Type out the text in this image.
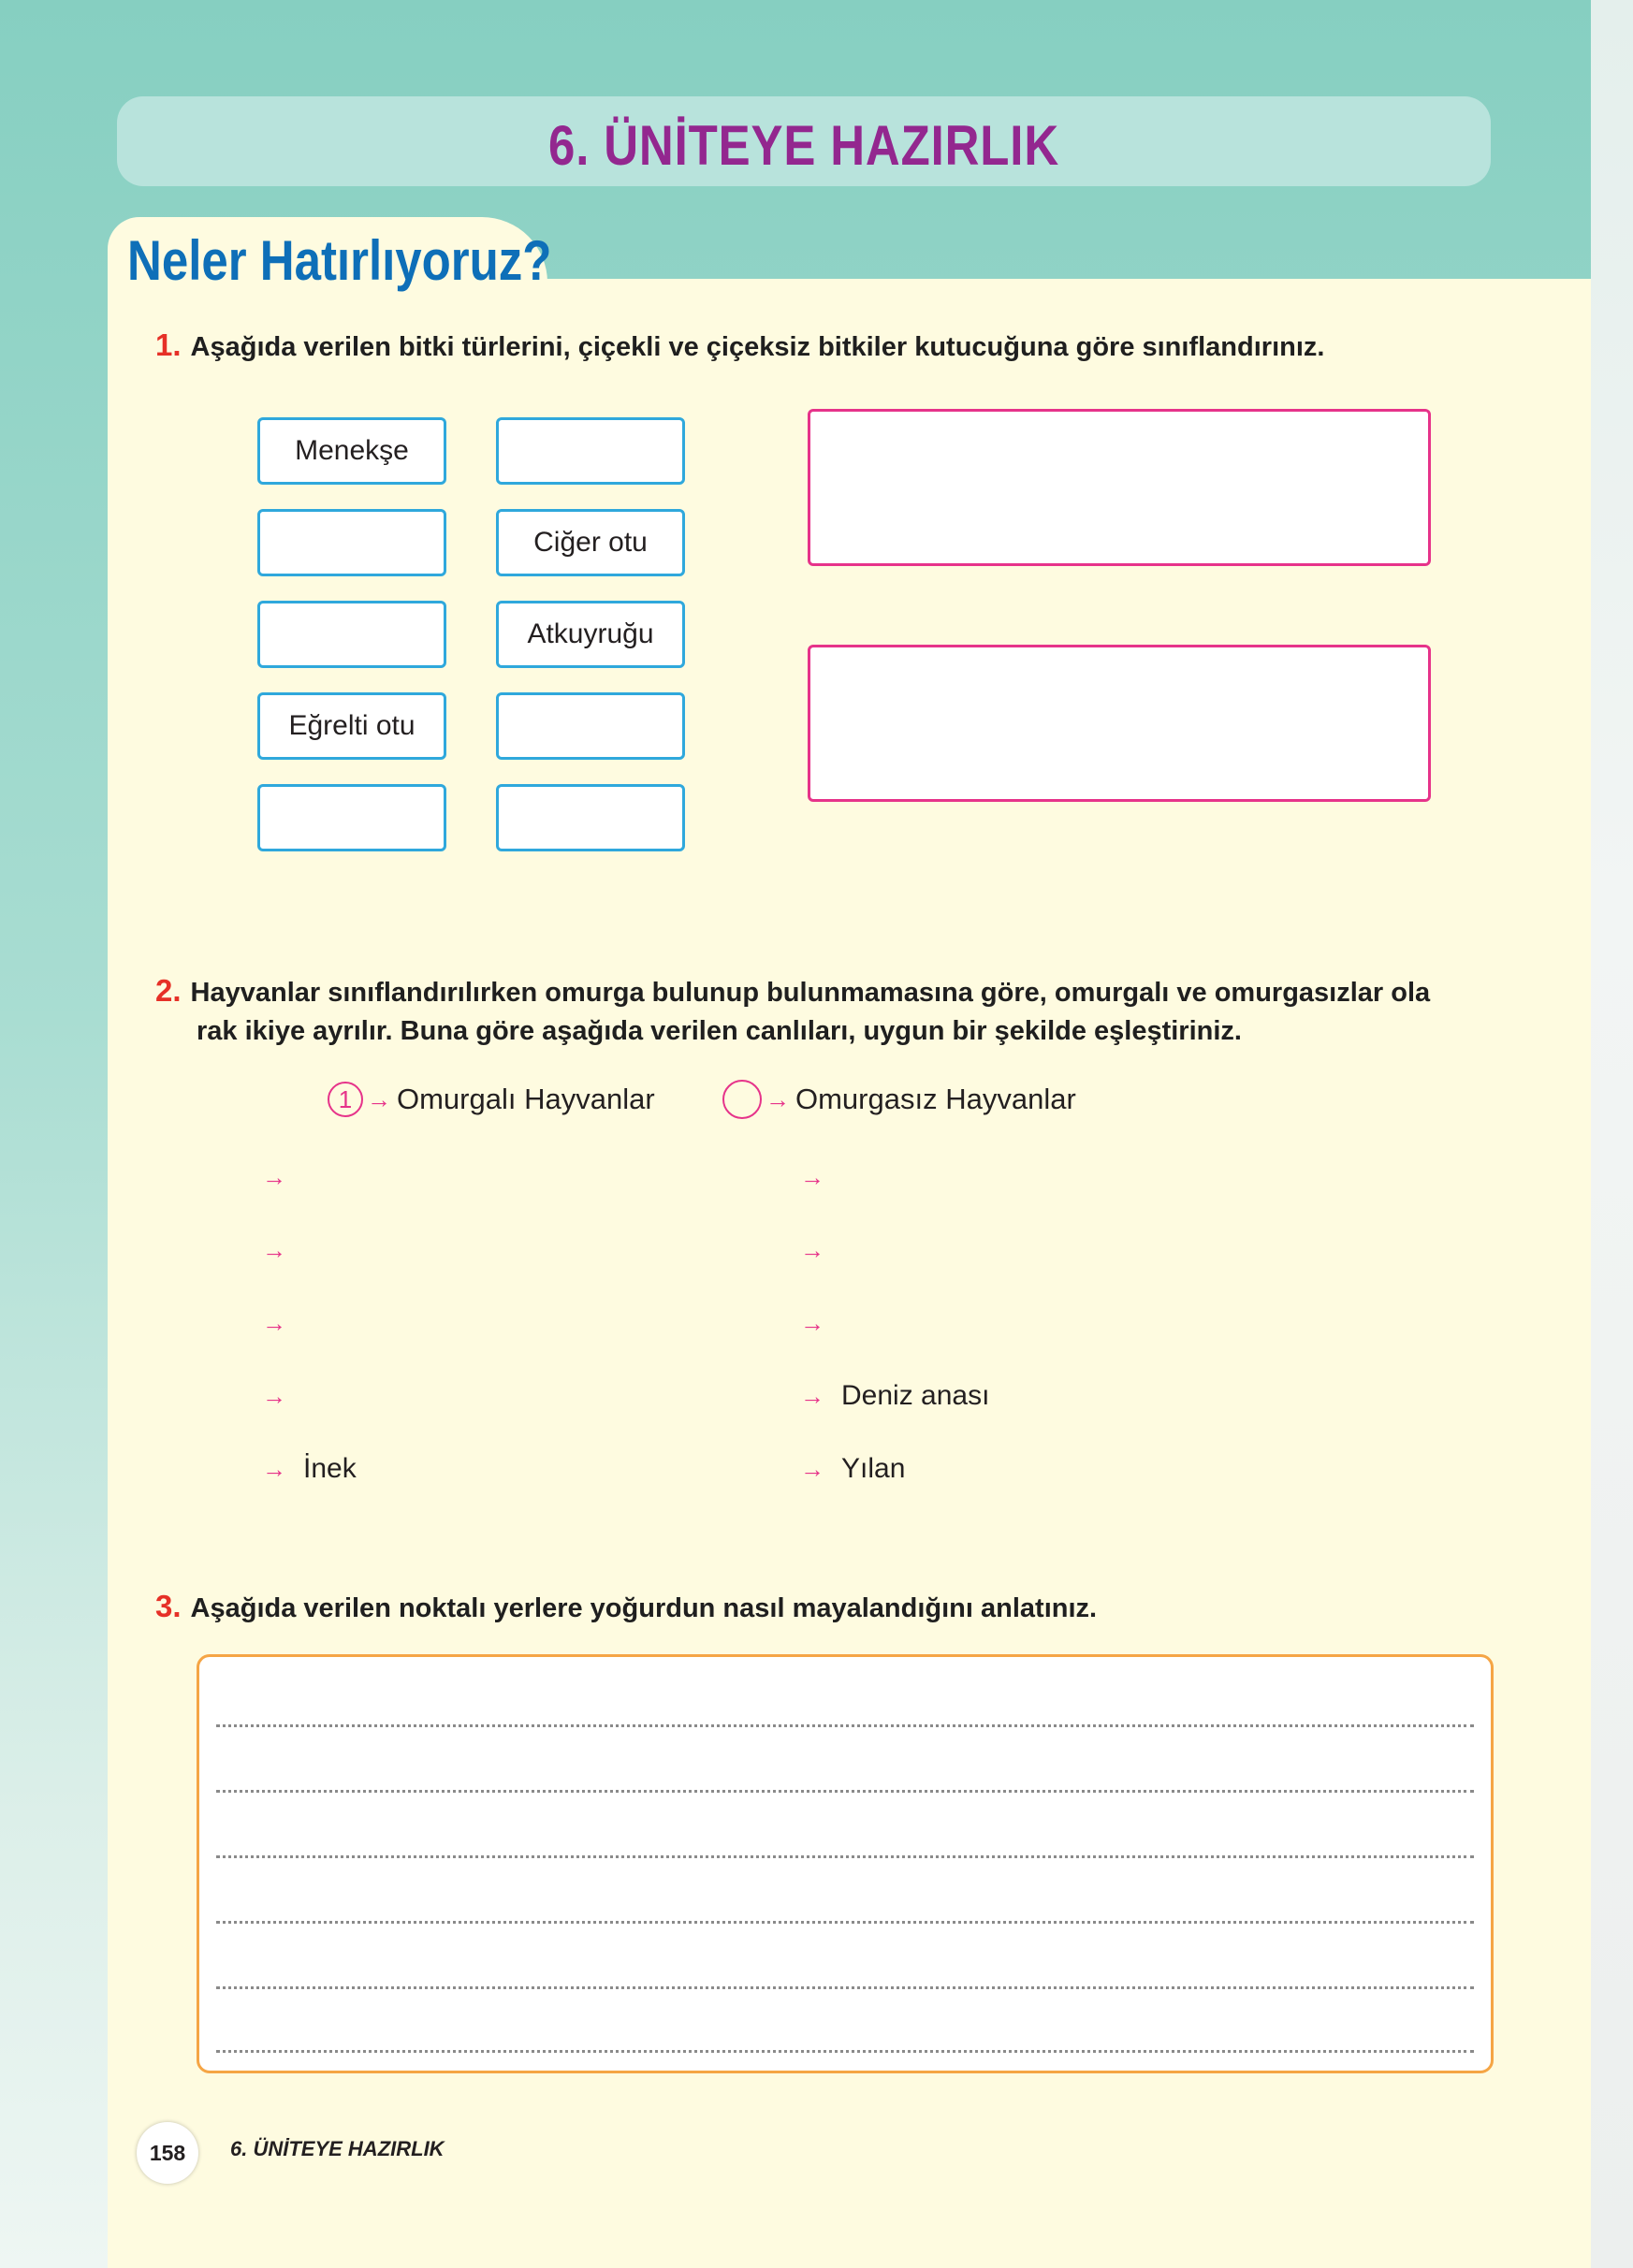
6. ÜNİTEYE HAZIRLIK
Neler Hatırlıyoruz?
1. Aşağıda verilen bitki türlerini, çiçekli ve çiçeksiz bitkiler kutucuğuna göre sınıflandırınız.
Menekşe
Eğrelti otu
Ciğer otu
Atkuyruğu
2. Hayvanlar sınıflandırılırken omurga bulunup bulunmamasına göre, omurgalı ve omurgasızlar ola
rak ikiye ayrılır. Buna göre aşağıda verilen canlıları, uygun bir şekilde eşleştiriniz.
1 → Omurgalı Hayvanlar	→ Omurgasız Hayvanlar
→
→
→
→
→ İnek
→
→
→
→ Deniz anası
→ Yılan
3. Aşağıda verilen noktalı yerlere yoğurdun nasıl mayalandığını anlatınız.
158	6. ÜNİTEYE HAZIRLIK
